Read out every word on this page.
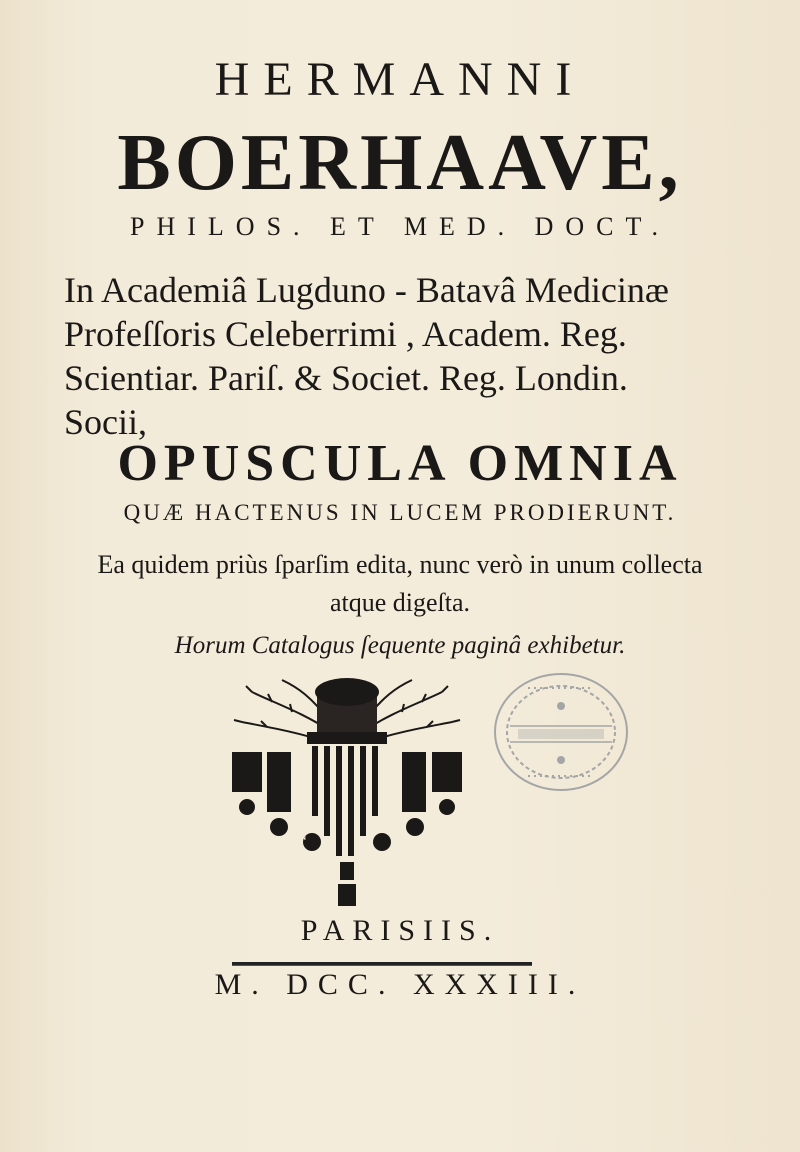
HERMANNI
BOERHAAVE,
PHILOS. ET MED. DOCT.
In Academiâ Lugduno - Batavâ Medicinæ
Profeſſoris Celeberrimi , Academ. Reg.
Scientiar. Pariſ. & Societ. Reg. Londin.
Socii,
OPUSCULA OMNIA
QUÆ HACTENUS IN LUCEM PRODIERUNT.
Ea quidem priùs ſparſim edita, nunc verò in unum collecta
atque digeſta.
Horum Catalogus ſequente paginâ exhibetur.
N
PARISIIS.
M. DCC. XXXIII.
